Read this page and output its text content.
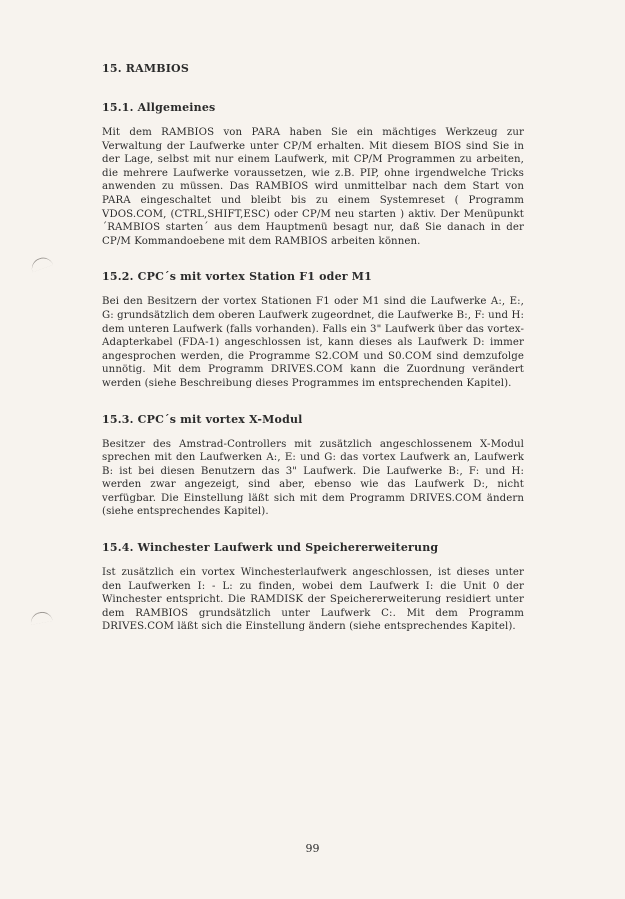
15. RAMBIOS
15.1. Allgemeines

Mit dem RAMBIOS von PARA haben Sie ein mächtiges Werkzeug zur Verwaltung der Laufwerke unter CP/M erhalten. Mit diesem BIOS sind Sie in der Lage, selbst mit nur einem Laufwerk, mit CP/M Programmen zu arbeiten, die mehrere Laufwerke voraussetzen, wie z.B. PIP, ohne irgendwelche Tricks anwenden zu müssen. Das RAMBIOS wird unmittelbar nach dem Start von PARA eingeschaltet und bleibt bis zu einem Systemreset ( Programm VDOS.COM, (CTRL,SHIFT,ESC) oder CP/M neu starten ) aktiv. Der Menüpunkt ´RAMBIOS starten´ aus dem Hauptmenü besagt nur, daß Sie danach in der CP/M Kommandoebene mit dem RAMBIOS arbeiten können.

15.2. CPC´s mit vortex Station F1 oder M1

Bei den Besitzern der vortex Stationen F1 oder M1 sind die Laufwerke A:, E:, G: grundsätzlich dem oberen Laufwerk zugeordnet, die Laufwerke B:, F: und H: dem unteren Laufwerk (falls vorhanden). Falls ein 3" Laufwerk über das vortex-Adapterkabel (FDA-1) angeschlossen ist, kann dieses als Laufwerk D: immer angesprochen werden, die Programme S2.COM und S0.COM sind demzufolge unnötig. Mit dem Programm DRIVES.COM kann die Zuordnung verändert werden (siehe Beschreibung dieses Programmes im entsprechenden Kapitel).

15.3. CPC´s mit vortex X-Modul

Besitzer des Amstrad-Controllers mit zusätzlich angeschlossenem X-Modul sprechen mit den Laufwerken A:, E: und G: das vortex Laufwerk an, Laufwerk B: ist bei diesen Benutzern das 3" Laufwerk. Die Laufwerke B:, F: und H: werden zwar angezeigt, sind aber, ebenso wie das Laufwerk D:, nicht verfügbar. Die Einstellung läßt sich mit dem Programm DRIVES.COM ändern (siehe entsprechendes Kapitel).

15.4. Winchester Laufwerk und Speichererweiterung

Ist zusätzlich ein vortex Winchesterlaufwerk angeschlossen, ist dieses unter den Laufwerken I: - L: zu finden, wobei dem Laufwerk I: die Unit 0 der Winchester entspricht. Die RAMDISK der Speichererweiterung residiert unter dem RAMBIOS grundsätzlich unter Laufwerk C:. Mit dem Programm DRIVES.COM läßt sich die Einstellung ändern (siehe entsprechendes Kapitel).

99
